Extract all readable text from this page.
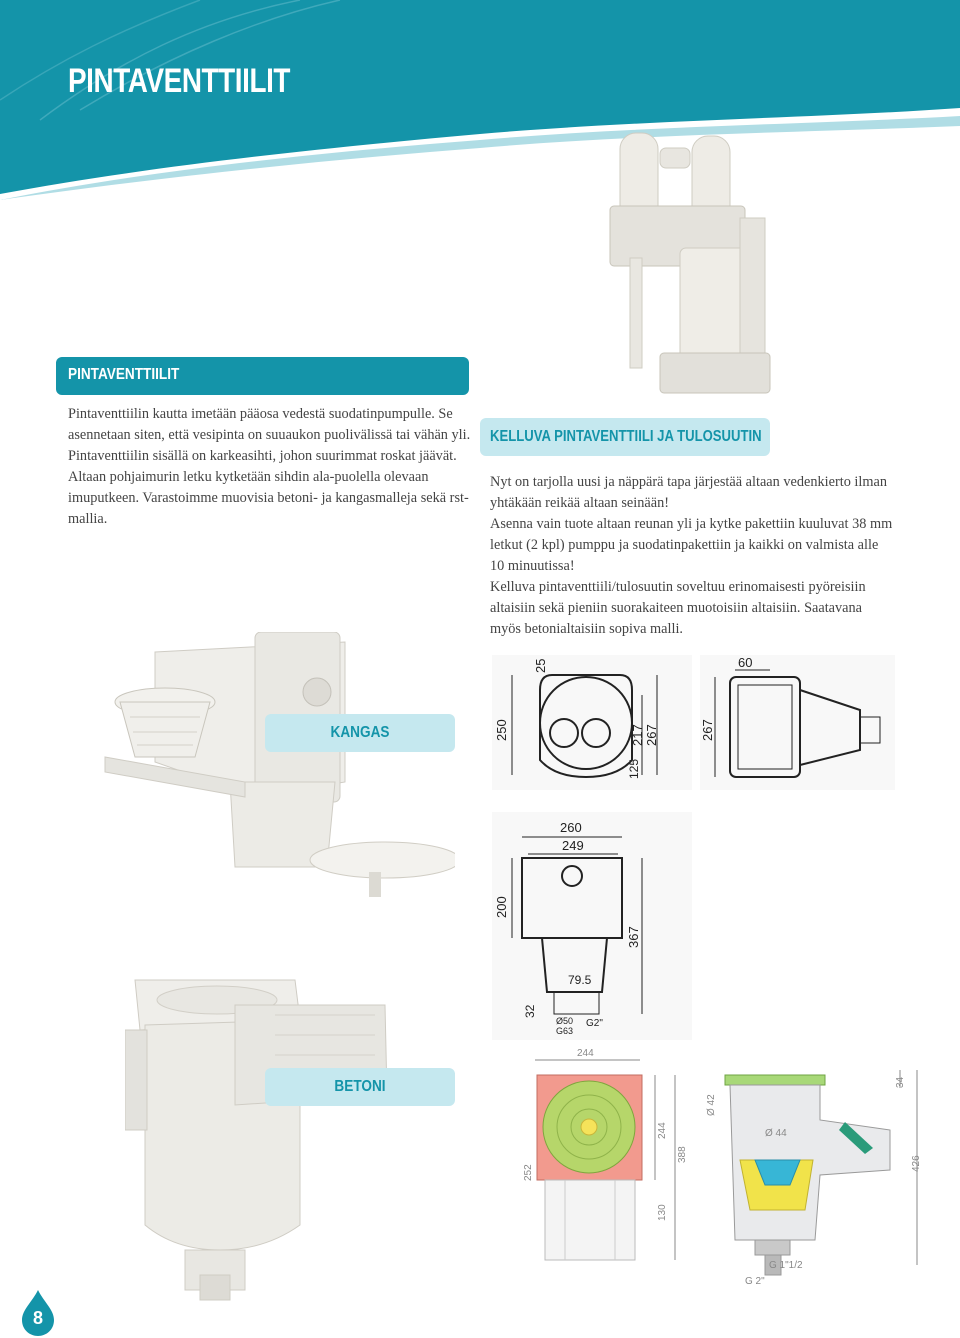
PINTAVENTTIILIT
PINTAVENTTIILIT

Pintaventtiilin kautta imetään pääosa vedestä suodatinpumpulle. Se asennetaan siten, että vesipinta on suuaukon puolivälissä tai vähän yli. Pintaventtiilin sisällä on karkeasihti, johon suurimmat roskat jäävät. Altaan pohjaimurin letku kytketään sihdin ala-puolella olevaan imuputkeen. Varastoimme muovisia betoni- ja kangasmalleja sekä rst-mallia.

KELLUVA PINTAVENTTIILI JA TULOSUUTIN

Nyt on tarjolla uusi ja näppärä tapa järjestää altaan vedenkierto ilman yhtäkään reikää altaan seinään!

Asenna vain tuote altaan reunan yli ja kytke pakettiin kuuluvat 38 mm letkut (2 kpl) pumppu ja suodatinpakettiin ja kaikki on valmista alle 10 minuutissa!

Kelluva pintaventtiili/tulosuutin soveltuu erinomaisesti pyöreisiin altaisiin sekä pieniin suorakaiteen muotoisiin altaisiin. Saatavana myös betonialtaisiin sopiva malli.

KANGAS	250
25
217 267
125
60
267
260
249
200
367
79.5
32
Ø50
G63
G2"
BETONI
244
244
388
252
130
Ø 42
Ø 44
34
426
G 1"1/2
G 2"
8
